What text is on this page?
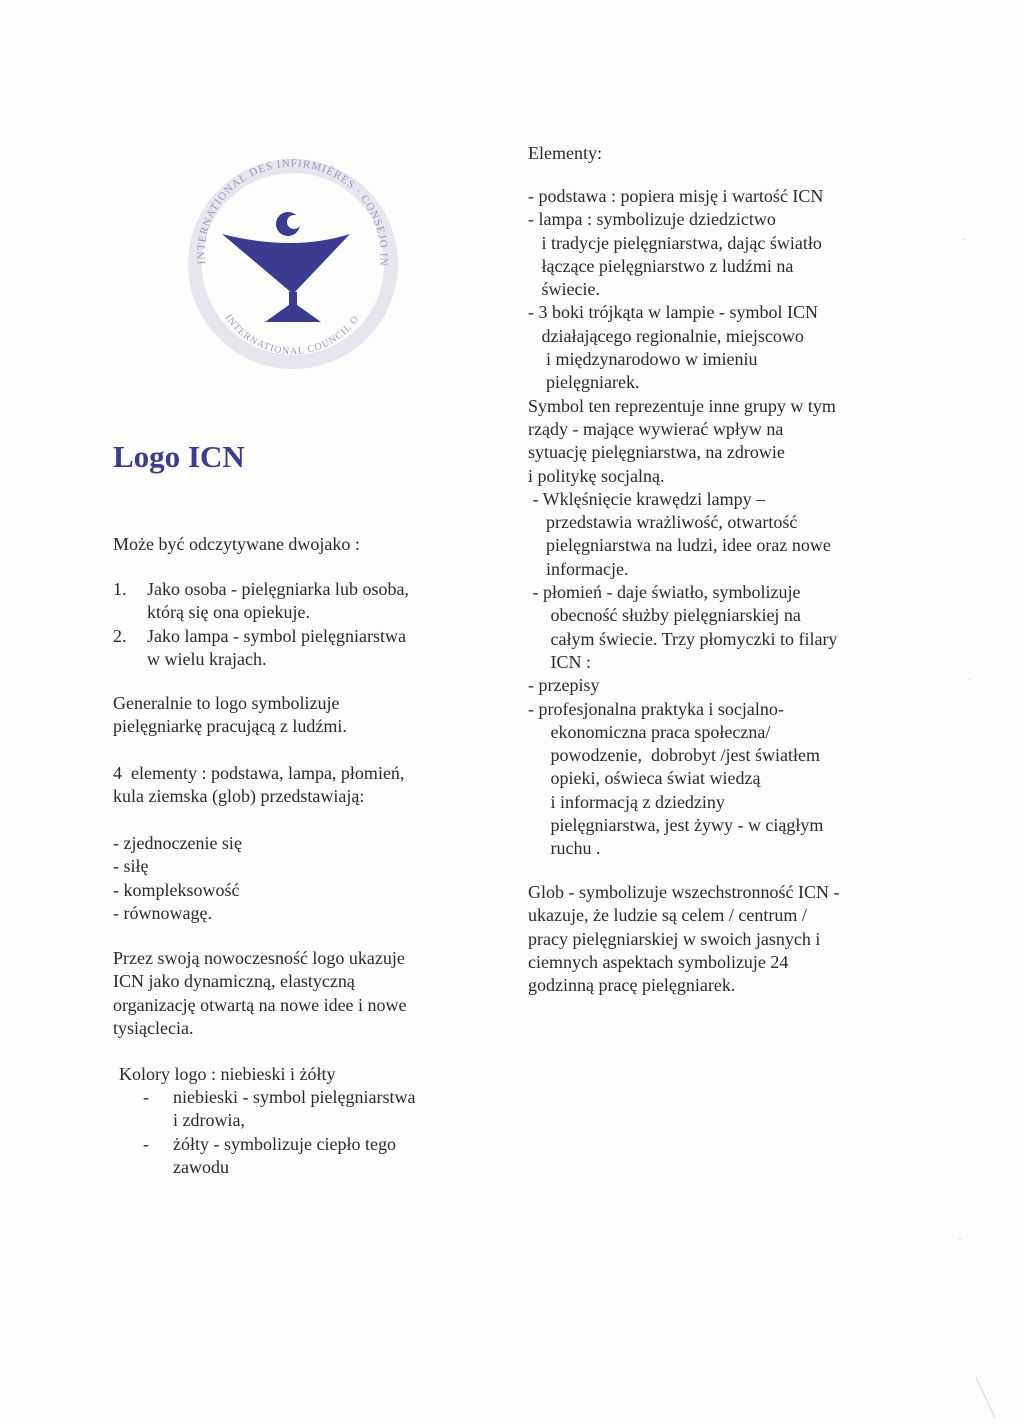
INTERNATIONAL DES INFIRMIÈRES · CONSEJO IN
INTERNATIONAL COUNCIL O
Logo ICN

Może być odczytywane dwojako :

1.	Jako osoba - pielęgniarka lub osoba,
którą się ona opiekuje.
2.	Jako lampa - symbol pielęgniarstwa
w wielu krajach.

Generalnie to logo symbolizuje
pielęgniarkę pracującą z ludźmi.

4  elementy : podstawa, lampa, płomień,
kula ziemska (glob) przedstawiają:

- zjednoczenie się

- siłę

- kompleksowość

- równowagę.

Przez swoją nowoczesność logo ukazuje
ICN jako dynamiczną, elastyczną
organizację otwartą na nowe idee i nowe
tysiąclecia.

Kolory logo : niebieski i żółty

-	niebieski - symbol pielęgniarstwa
i zdrowia,
-	żółty - symbolizuje ciepło tego
zawodu

Elementy:

- podstawa : popiera misję i wartość ICN

- lampa : symbolizuje dziedzictwo

i tradycje pielęgniarstwa, dając światło

łączące pielęgniarstwo z ludźmi na

świecie.

- 3 boki trójkąta w lampie - symbol ICN

działającego regionalnie, miejscowo

i międzynarodowo w imieniu

pielęgniarek.

Symbol ten reprezentuje inne grupy w tym

rządy - mające wywierać wpływ na

sytuację pielęgniarstwa, na zdrowie

i politykę socjalną.

- Wklęśnięcie krawędzi lampy –

przedstawia wrażliwość, otwartość

pielęgniarstwa na ludzi, idee oraz nowe

informacje.

- płomień - daje światło, symbolizuje

obecność służby pielęgniarskiej na

całym świecie. Trzy płomyczki to filary

ICN :

- przepisy

- profesjonalna praktyka i socjalno-

ekonomiczna praca społeczna/

powodzenie,  dobrobyt /jest światłem

opieki, oświeca świat wiedzą

i informacją z dziedziny

pielęgniarstwa, jest żywy - w ciągłym

ruchu .

Glob - symbolizuje wszechstronność ICN -
ukazuje, że ludzie są celem / centrum /
pracy pielęgniarskiej w swoich jasnych i
ciemnych aspektach symbolizuje 24
godzinną pracę pielęgniarek.

·
·
·
